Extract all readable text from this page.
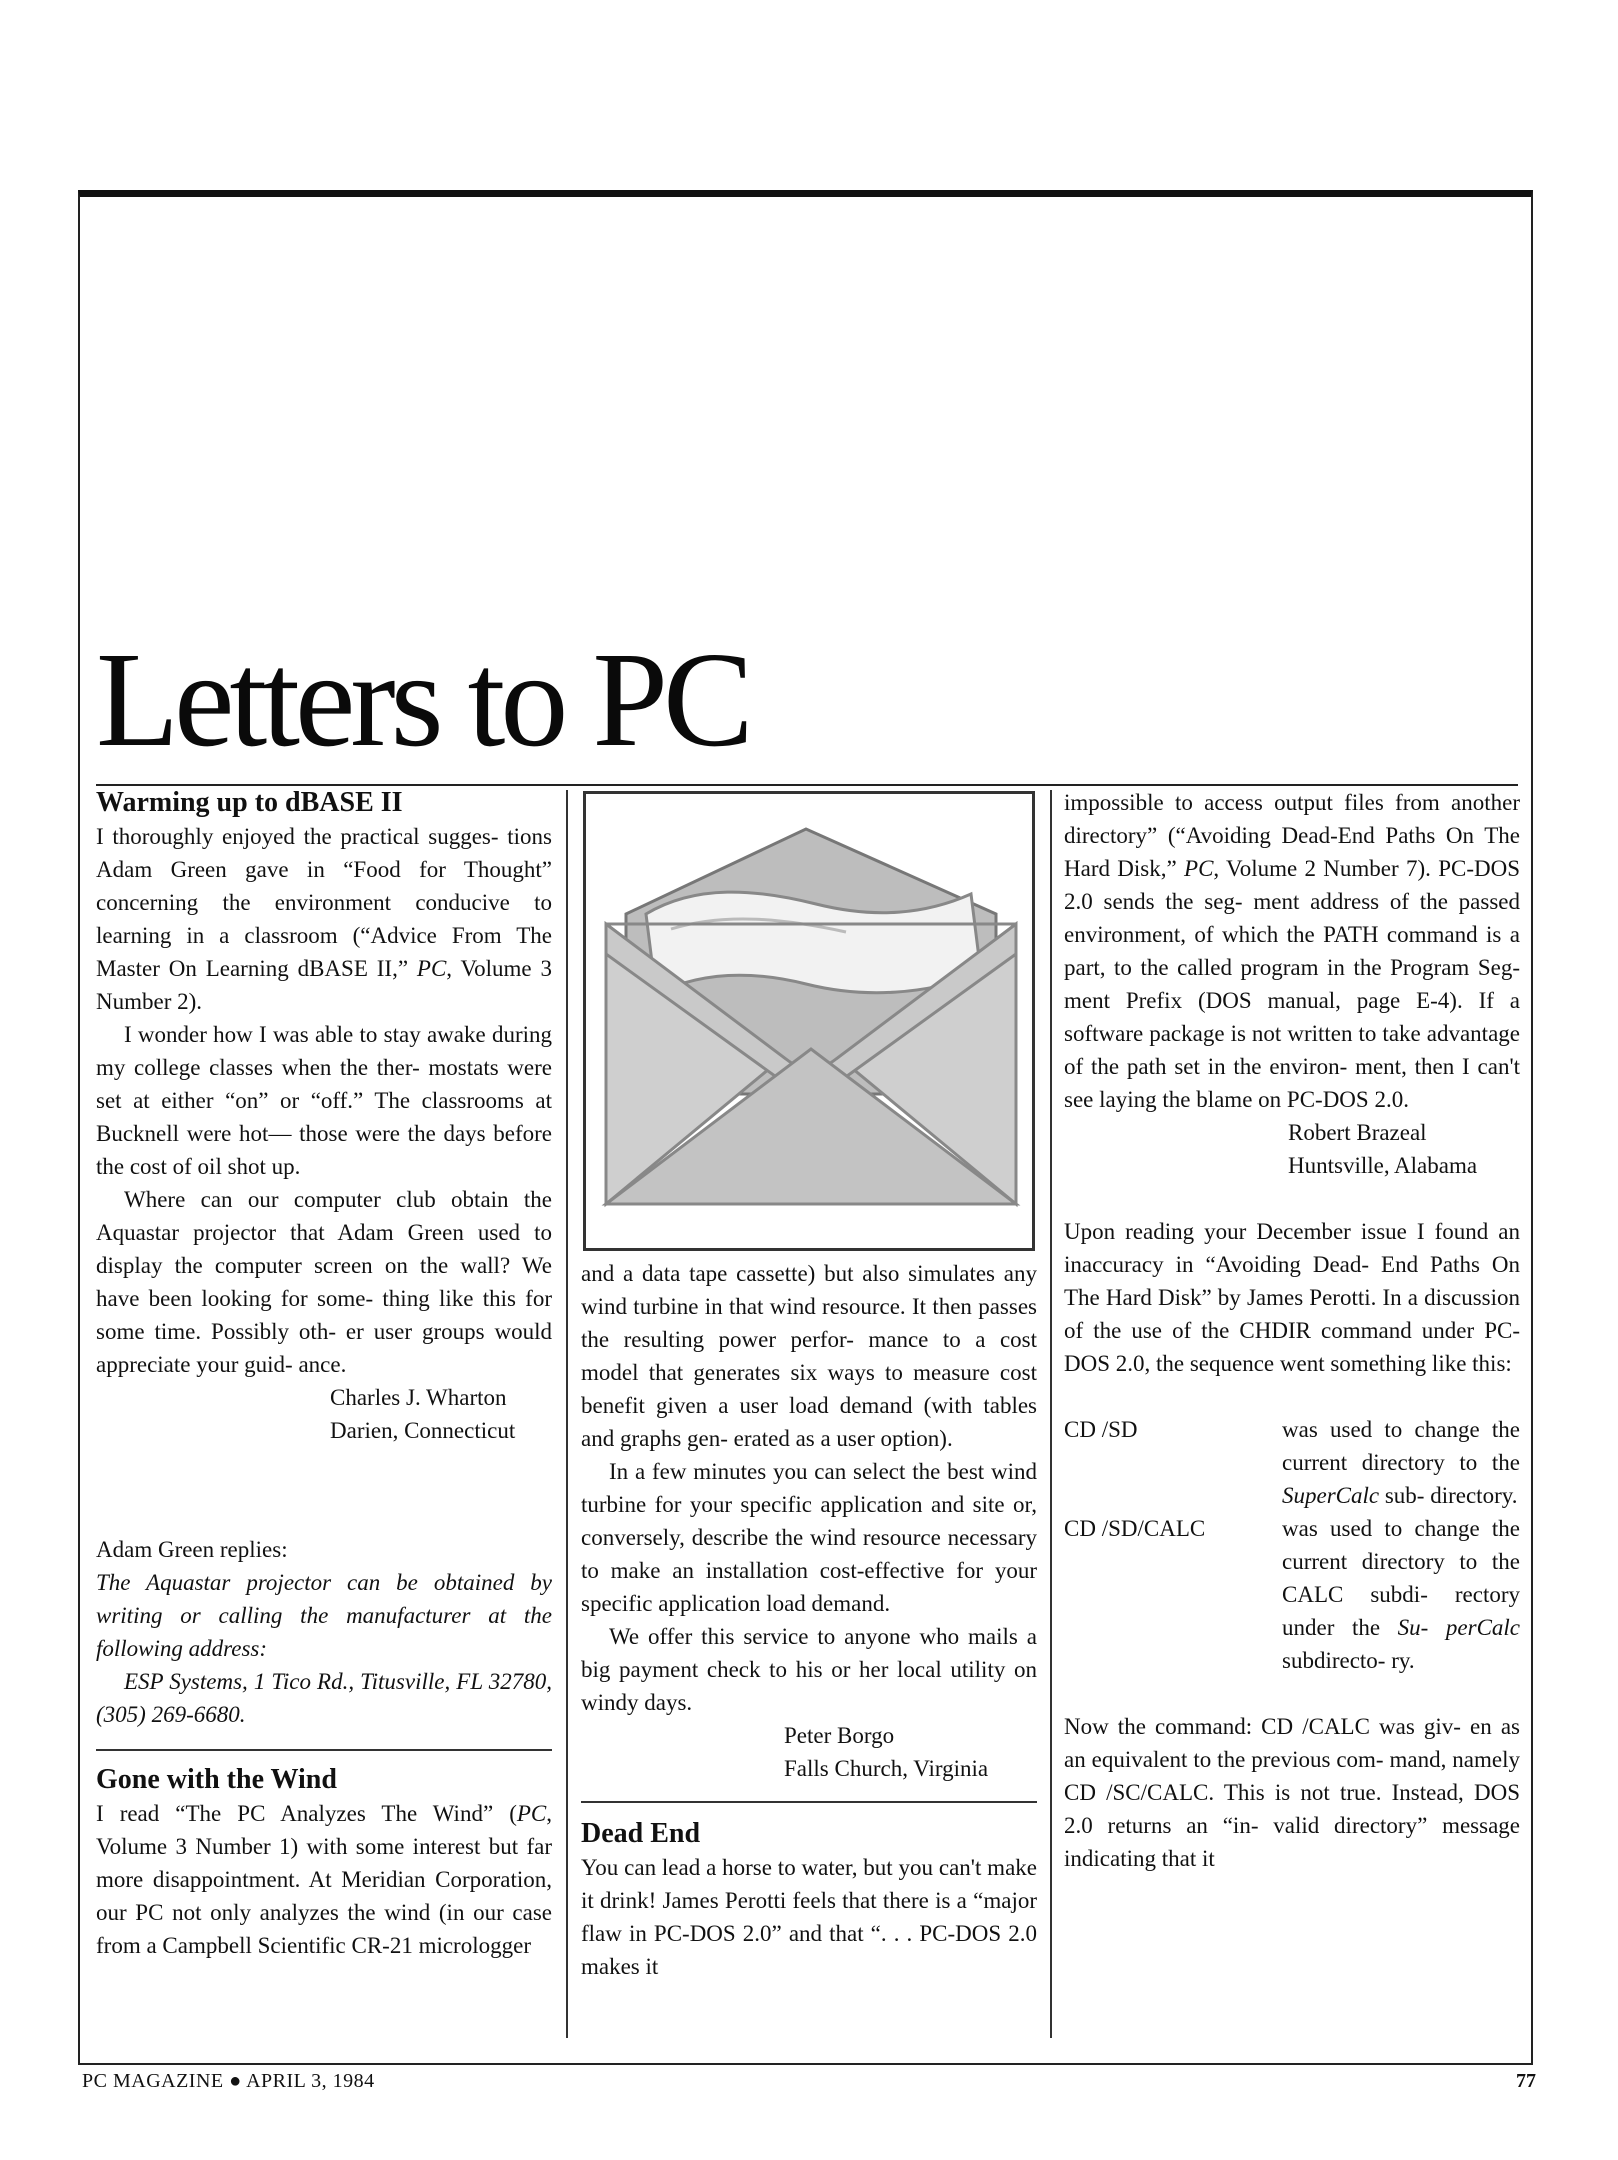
Letters to PC
Warming up to dBASE II

I thoroughly enjoyed the practical sugges- tions Adam Green gave in “Food for Thought” concerning the environment conducive to learning in a classroom (“Advice From The Master On Learning dBASE II,” PC, Volume 3 Number 2).

I wonder how I was able to stay awake during my college classes when the ther- mostats were set at either “on” or “off.” The classrooms at Bucknell were hot— those were the days before the cost of oil shot up.

Where can our computer club obtain the Aquastar projector that Adam Green used to display the computer screen on the wall? We have been looking for some- thing like this for some time. Possibly oth- er user groups would appreciate your guid- ance.

Charles J. Wharton
Darien, Connecticut

Adam Green replies:

The Aquastar projector can be obtained by writing or calling the manufacturer at the following address:

ESP Systems, 1 Tico Rd., Titusville, FL 32780, (305) 269-6680.

Gone with the Wind

I read “The PC Analyzes The Wind” (PC, Volume 3 Number 1) with some interest but far more disappointment. At Meridian Corporation, our PC not only analyzes the wind (in our case from a Campbell Scientific CR-21 micrologger

and a data tape cassette) but also simulates any wind turbine in that wind resource. It then passes the resulting power perfor- mance to a cost model that generates six ways to measure cost benefit given a user load demand (with tables and graphs gen- erated as a user option).

In a few minutes you can select the best wind turbine for your specific application and site or, conversely, describe the wind resource necessary to make an installation cost-effective for your specific application load demand.

We offer this service to anyone who mails a big payment check to his or her local utility on windy days.

Peter Borgo
Falls Church, Virginia
Dead End

You can lead a horse to water, but you can't make it drink! James Perotti feels that there is a “major flaw in PC-DOS 2.0” and that “. . . PC-DOS 2.0 makes it

impossible to access output files from another directory” (“Avoiding Dead-End Paths On The Hard Disk,” PC, Volume 2 Number 7). PC-DOS 2.0 sends the seg- ment address of the passed environment, of which the PATH command is a part, to the called program in the Program Seg- ment Prefix (DOS manual, page E-4). If a software package is not written to take advantage of the path set in the environ- ment, then I can't see laying the blame on PC-DOS 2.0.

Robert Brazeal
Huntsville, Alabama

Upon reading your December issue I found an inaccuracy in “Avoiding Dead- End Paths On The Hard Disk” by James Perotti. In a discussion of the use of the CHDIR command under PC-DOS 2.0, the sequence went something like this:

CD /SD	was used to change the current directory to the SuperCalc sub- directory.
CD /SD/CALC	was used to change the current directory to the CALC subdi- rectory under the Su- perCalc subdirecto- ry.

Now the command: CD /CALC was giv- en as an equivalent to the previous com- mand, namely CD /SC/CALC. This is not true. Instead, DOS 2.0 returns an “in- valid directory” message indicating that it

PC MAGAZINE ● APRIL 3, 1984	77
